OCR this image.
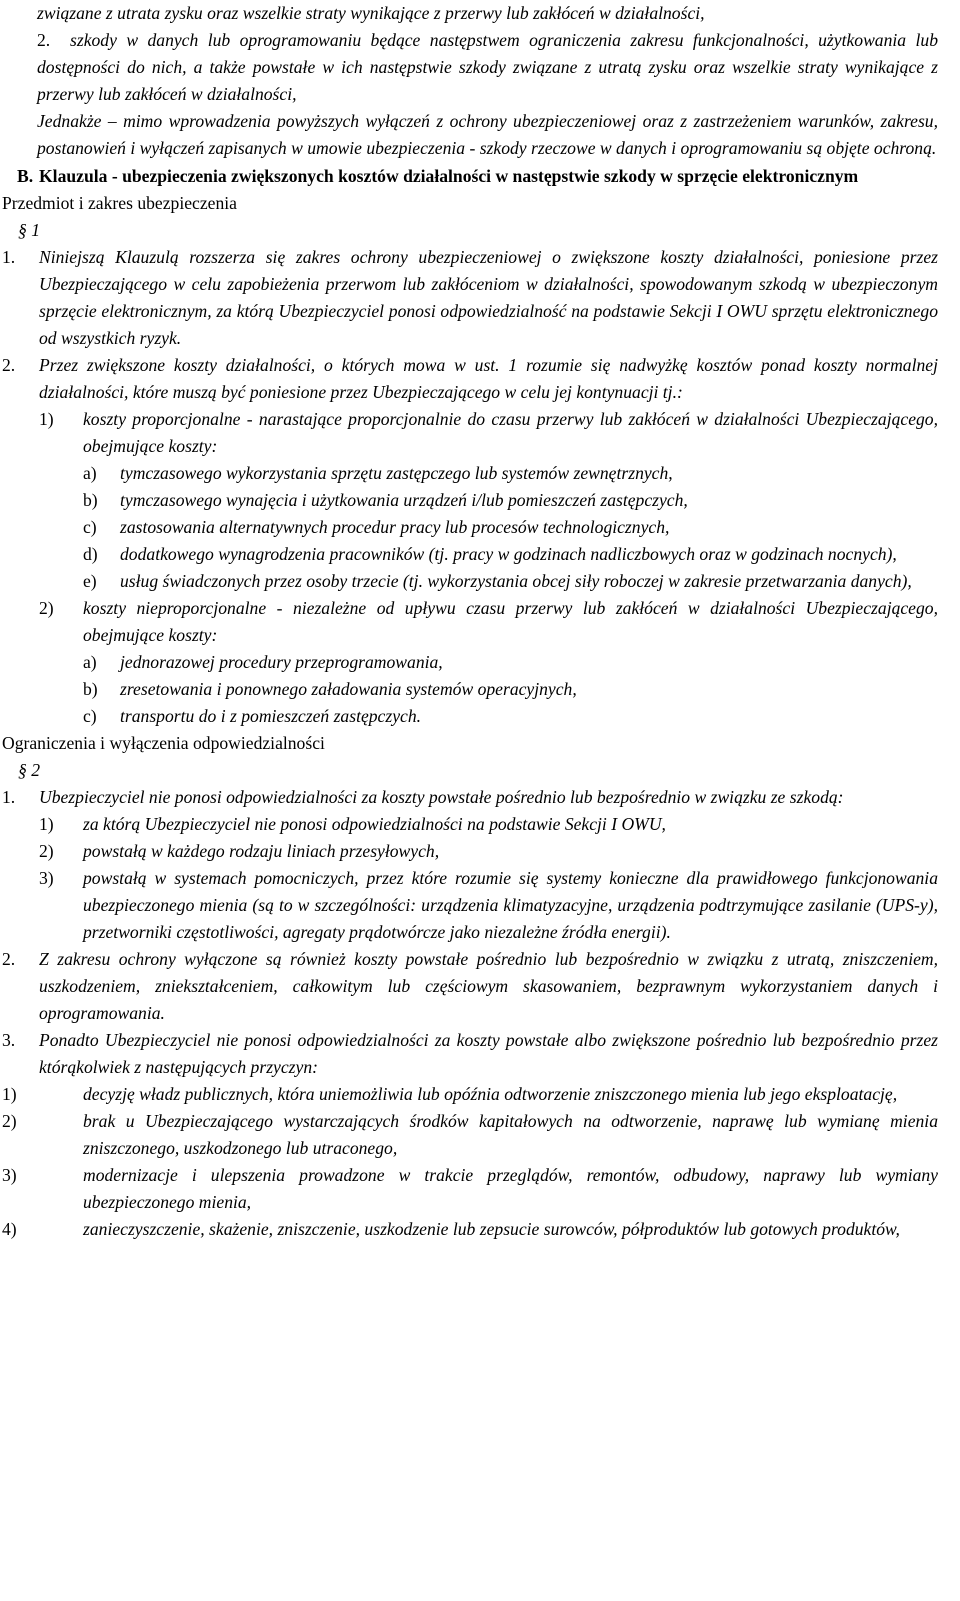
związane z utrata zysku oraz wszelkie straty wynikające z przerwy lub zakłóceń w działalności,

2.	szkody w danych lub oprogramowaniu będące następstwem ograniczenia zakresu funkcjonalności, użytkowania lub dostępności do nich, a także powstałe w ich następstwie szkody związane z utratą zysku oraz wszelkie straty wynikające z przerwy lub zakłóceń w działalności,

Jednakże – mimo wprowadzenia powyższych wyłączeń z ochrony ubezpieczeniowej oraz z zastrzeżeniem warunków, zakresu, postanowień i wyłączeń zapisanych w umowie ubezpieczenia - szkody rzeczowe w danych i oprogramowaniu są objęte ochroną.

B. Klauzula - ubezpieczenia zwiększonych kosztów działalności w następstwie szkody w sprzęcie elektronicznym

Przedmiot i zakres ubezpieczenia

§ 1

1. Niniejszą Klauzulą rozszerza się zakres ochrony ubezpieczeniowej o zwiększone koszty działalności, poniesione przez Ubezpieczającego w celu zapobieżenia przerwom lub zakłóceniom w działalności, spowodowanym szkodą w ubezpieczonym sprzęcie elektronicznym, za którą Ubezpieczyciel ponosi odpowiedzialność na podstawie Sekcji I OWU sprzętu elektronicznego od wszystkich ryzyk.
2. Przez zwiększone koszty działalności, o których mowa w ust. 1 rozumie się nadwyżkę kosztów ponad koszty normalnej działalności, które muszą być poniesione przez Ubezpieczającego w celu jej kontynuacji tj.:
1) koszty proporcjonalne - narastające proporcjonalnie do czasu przerwy lub zakłóceń w działalności Ubezpieczającego, obejmujące koszty:
a) tymczasowego wykorzystania sprzętu zastępczego lub systemów zewnętrznych,
b) tymczasowego wynajęcia i użytkowania urządzeń i/lub pomieszczeń zastępczych,
c) zastosowania alternatywnych procedur pracy lub procesów technologicznych,
d) dodatkowego wynagrodzenia pracowników (tj. pracy w godzinach nadliczbowych oraz w godzinach nocnych),
e) usług świadczonych przez osoby trzecie (tj. wykorzystania obcej siły roboczej w zakresie przetwarzania danych),
2) koszty nieproporcjonalne - niezależne od upływu czasu przerwy lub zakłóceń w działalności Ubezpieczającego, obejmujące koszty:
a) jednorazowej procedury przeprogramowania,
b) zresetowania i ponownego załadowania systemów operacyjnych,
c) transportu do i z pomieszczeń zastępczych.

Ograniczenia i wyłączenia odpowiedzialności

§ 2

1. Ubezpieczyciel nie ponosi odpowiedzialności za koszty powstałe pośrednio lub bezpośrednio w związku ze szkodą:
1) za którą Ubezpieczyciel nie ponosi odpowiedzialności na podstawie Sekcji I OWU,
2) powstałą w każdego rodzaju liniach przesyłowych,
3) powstałą w systemach pomocniczych, przez które rozumie się systemy konieczne dla prawidłowego funkcjonowania ubezpieczonego mienia (są to w szczególności: urządzenia klimatyzacyjne, urządzenia podtrzymujące zasilanie (UPS-y), przetworniki częstotliwości, agregaty prądotwórcze jako niezależne źródła energii).
2. Z zakresu ochrony wyłączone są również koszty powstałe pośrednio lub bezpośrednio w związku z utratą, zniszczeniem, uszkodzeniem, zniekształceniem, całkowitym lub częściowym skasowaniem, bezprawnym wykorzystaniem danych i oprogramowania.
3. Ponadto Ubezpieczyciel nie ponosi odpowiedzialności za koszty powstałe albo zwiększone pośrednio lub bezpośrednio przez którąkolwiek z następujących przyczyn:
1)	decyzję władz publicznych, która uniemożliwia lub opóźnia odtworzenie zniszczonego mienia lub jego eksploatację,
2)	brak u Ubezpieczającego wystarczających środków kapitałowych na odtworzenie, naprawę lub wymianę mienia zniszczonego, uszkodzonego lub utraconego,
3)	modernizacje i ulepszenia prowadzone w trakcie przeglądów, remontów, odbudowy, naprawy lub wymiany ubezpieczonego mienia,
4)	zanieczyszczenie, skażenie, zniszczenie, uszkodzenie lub zepsucie surowców, półproduktów lub gotowych produktów,
